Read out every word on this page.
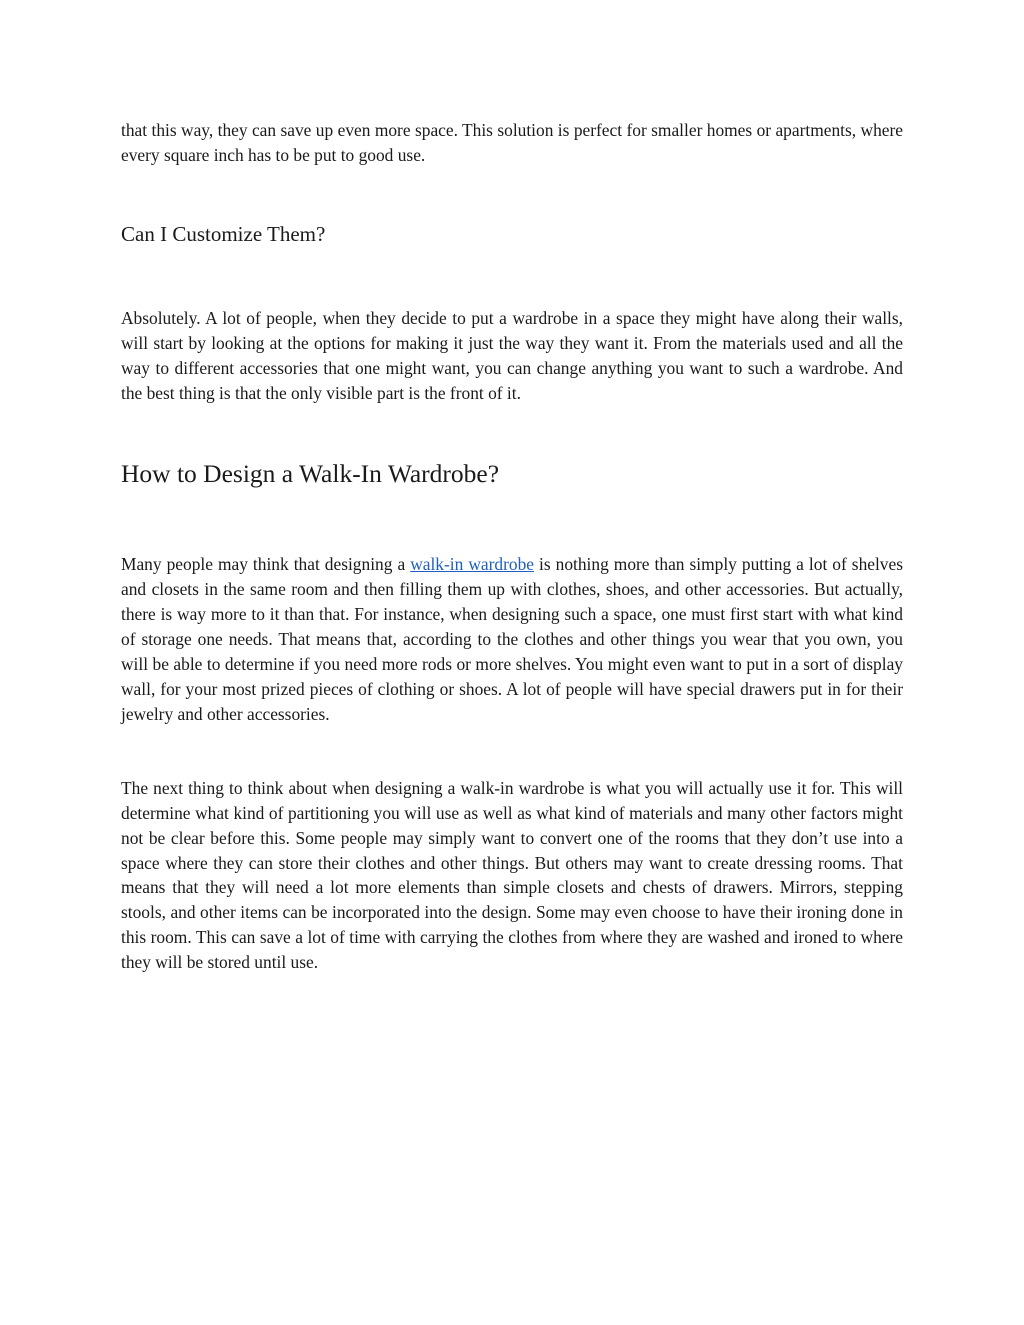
that this way, they can save up even more space. This solution is perfect for smaller homes or apartments, where every square inch has to be put to good use.

Can I Customize Them?

Absolutely. A lot of people, when they decide to put a wardrobe in a space they might have along their walls, will start by looking at the options for making it just the way they want it. From the materials used and all the way to different accessories that one might want, you can change anything you want to such a wardrobe. And the best thing is that the only visible part is the front of it.

How to Design a Walk-In Wardrobe?

Many people may think that designing a walk-in wardrobe is nothing more than simply putting a lot of shelves and closets in the same room and then filling them up with clothes, shoes, and other accessories. But actually, there is way more to it than that. For instance, when designing such a space, one must first start with what kind of storage one needs. That means that, according to the clothes and other things you wear that you own, you will be able to determine if you need more rods or more shelves. You might even want to put in a sort of display wall, for your most prized pieces of clothing or shoes. A lot of people will have special drawers put in for their jewelry and other accessories.

The next thing to think about when designing a walk-in wardrobe is what you will actually use it for. This will determine what kind of partitioning you will use as well as what kind of materials and many other factors might not be clear before this. Some people may simply want to convert one of the rooms that they don’t use into a space where they can store their clothes and other things. But others may want to create dressing rooms. That means that they will need a lot more elements than simple closets and chests of drawers. Mirrors, stepping stools, and other items can be incorporated into the design. Some may even choose to have their ironing done in this room. This can save a lot of time with carrying the clothes from where they are washed and ironed to where they will be stored until use.
